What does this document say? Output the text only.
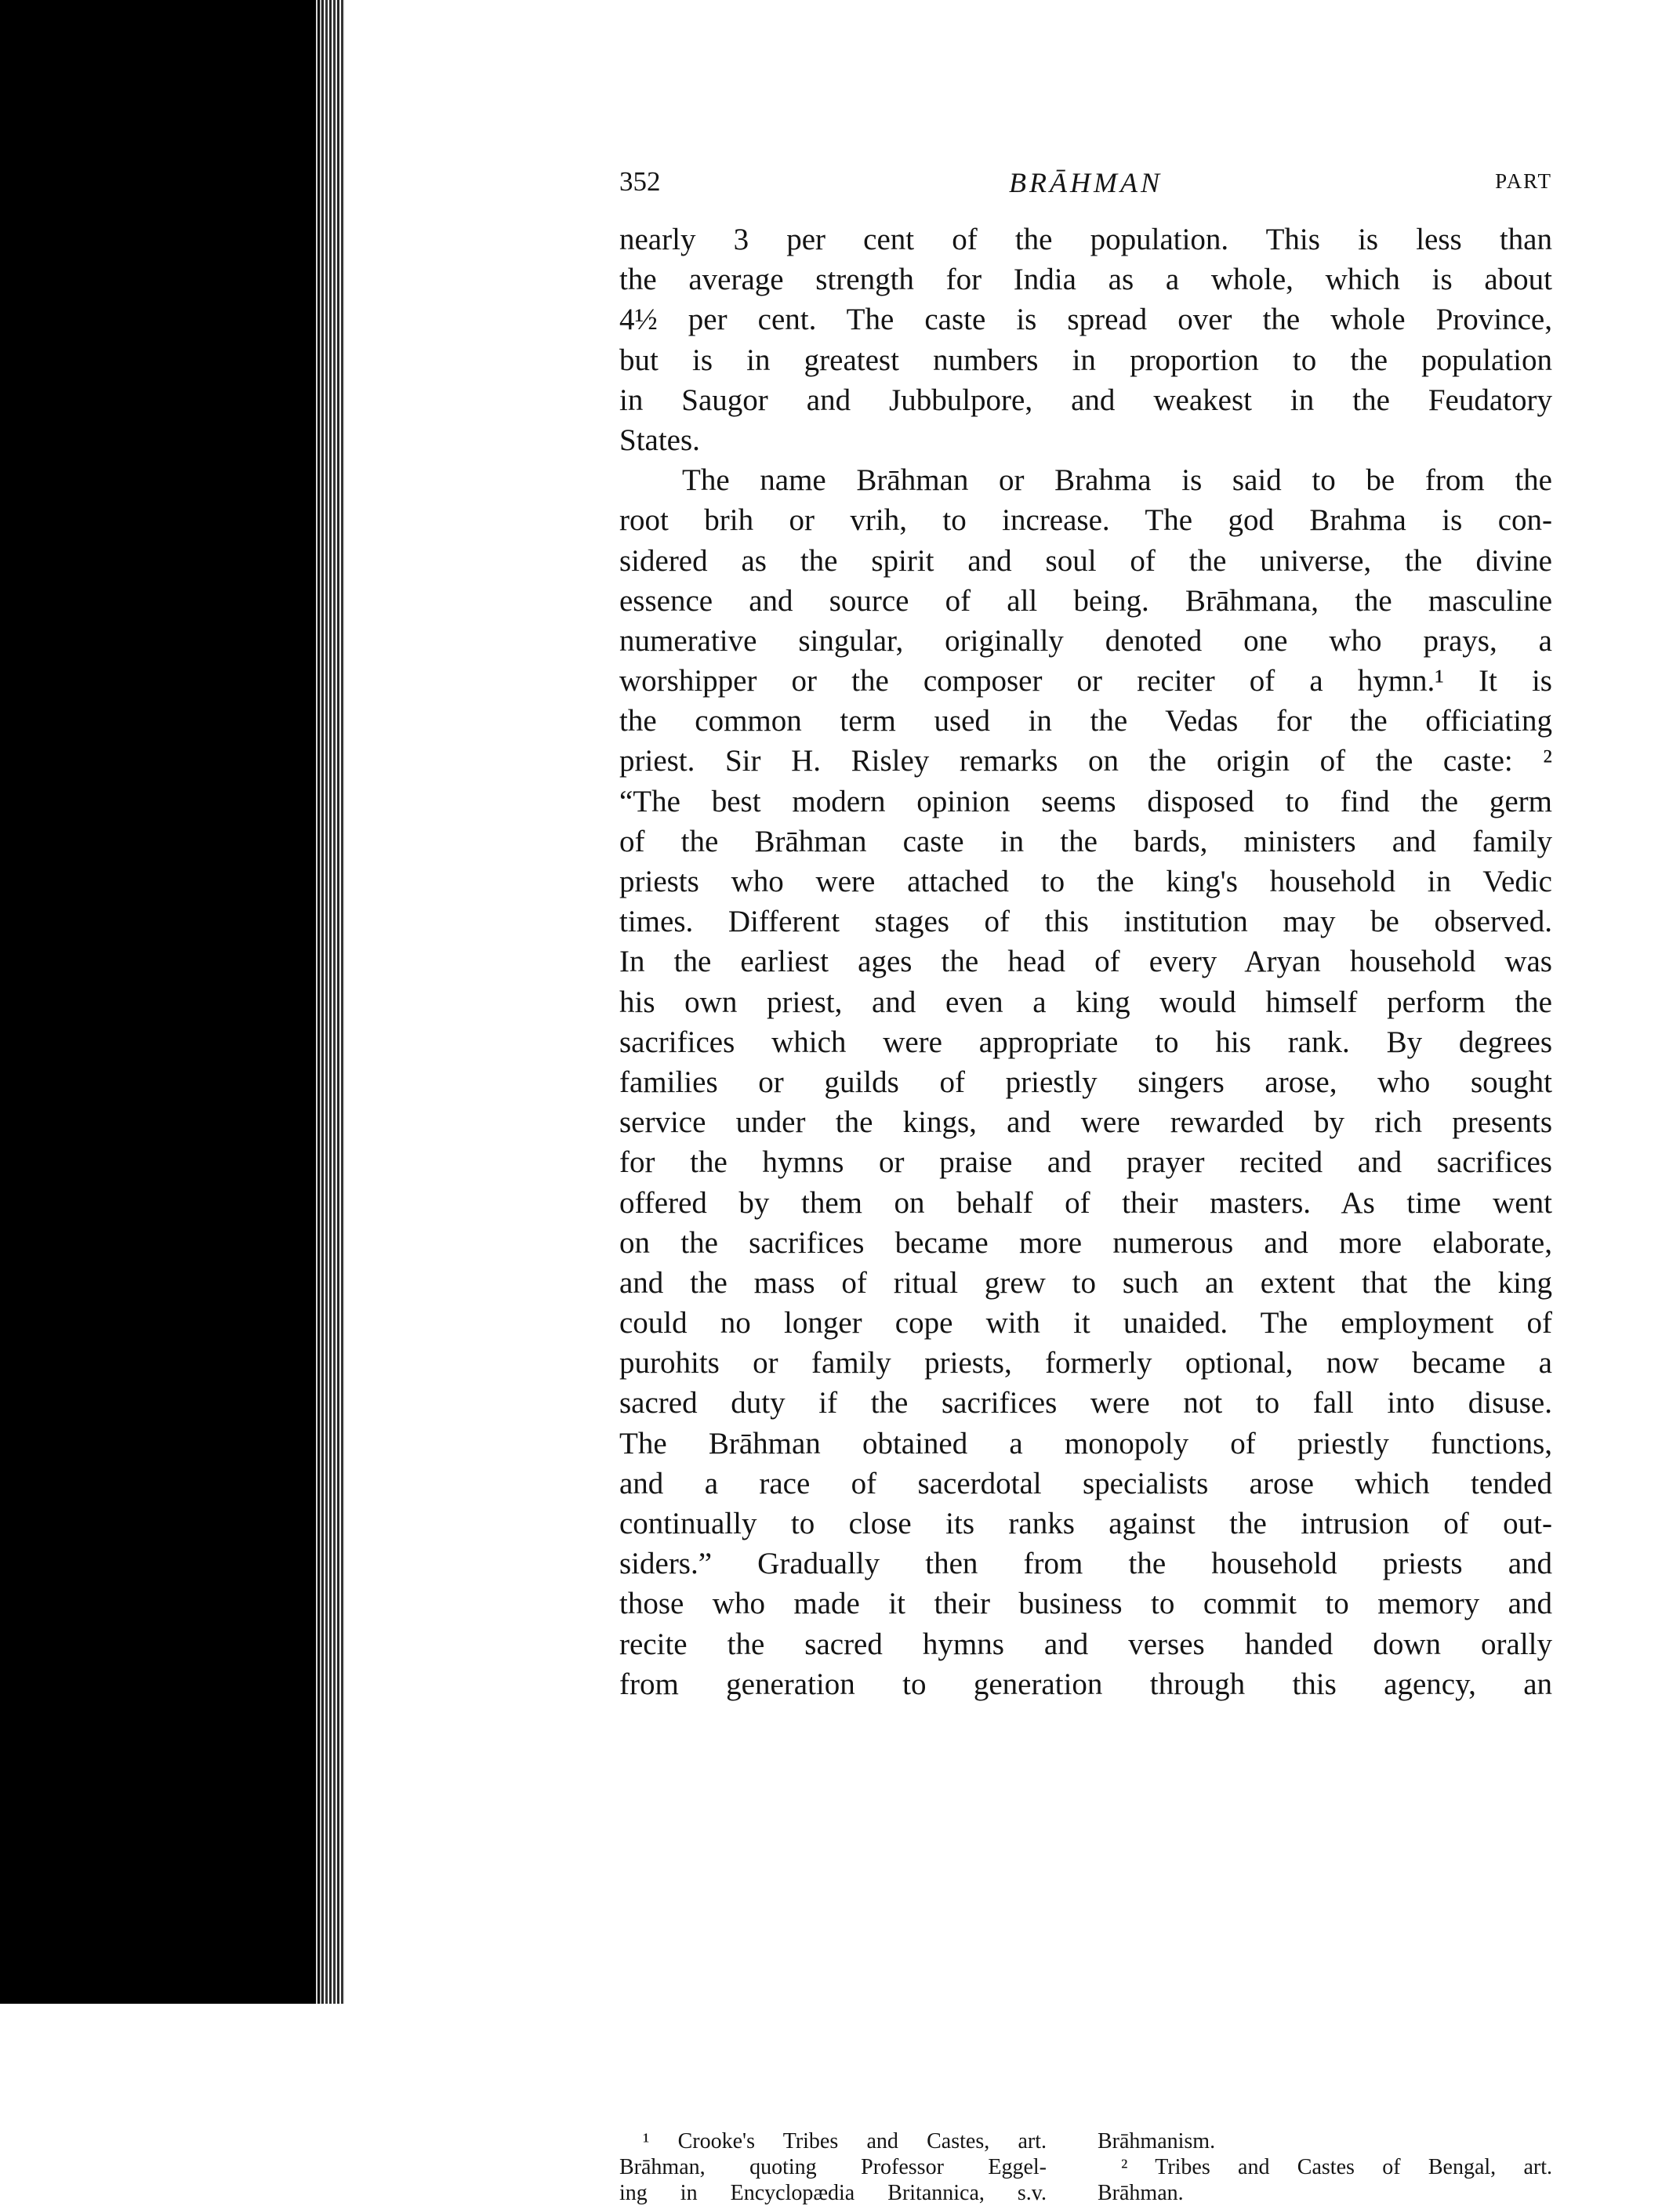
352	BRĀHMAN	PART
nearly 3 per cent of the population. This is less than
the average strength for India as a whole, which is about
4½ per cent. The caste is spread over the whole Province,
but is in greatest numbers in proportion to the population
in Saugor and Jubbulpore, and weakest in the Feudatory
States.
The name Brāhman or Brahma is said to be from the
root brih or vrih, to increase. The god Brahma is con-
sidered as the spirit and soul of the universe, the divine
essence and source of all being. Brāhmana, the masculine
numerative singular, originally denoted one who prays, a
worshipper or the composer or reciter of a hymn.¹ It is
the common term used in the Vedas for the officiating
priest. Sir H. Risley remarks on the origin of the caste: ²
“The best modern opinion seems disposed to find the germ
of the Brāhman caste in the bards, ministers and family
priests who were attached to the king's household in Vedic
times. Different stages of this institution may be observed.
In the earliest ages the head of every Aryan household was
his own priest, and even a king would himself perform the
sacrifices which were appropriate to his rank. By degrees
families or guilds of priestly singers arose, who sought
service under the kings, and were rewarded by rich presents
for the hymns or praise and prayer recited and sacrifices
offered by them on behalf of their masters. As time went
on the sacrifices became more numerous and more elaborate,
and the mass of ritual grew to such an extent that the king
could no longer cope with it unaided. The employment of
purohits or family priests, formerly optional, now became a
sacred duty if the sacrifices were not to fall into disuse.
The Brāhman obtained a monopoly of priestly functions,
and a race of sacerdotal specialists arose which tended
continually to close its ranks against the intrusion of out-
siders.” Gradually then from the household priests and
those who made it their business to commit to memory and
recite the sacred hymns and verses handed down orally
from generation to generation through this agency, an
¹ Crooke's Tribes and Castes, art.
Brāhman, quoting Professor Eggel-
ing in Encyclopædia Britannica, s.v.
Brāhmanism.
² Tribes and Castes of Bengal, art.
Brāhman.
